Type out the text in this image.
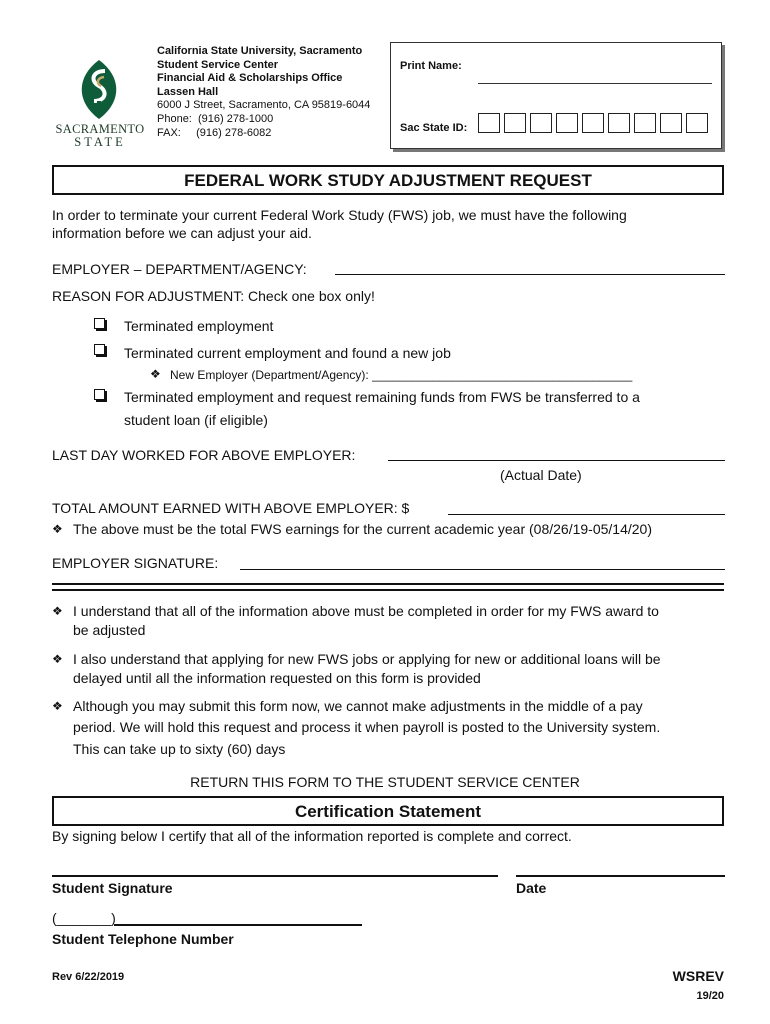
SACRAMENTO
STATE
California State University, Sacramento
Student Service Center
Financial Aid & Scholarships Office
Lassen Hall
6000 J Street, Sacramento, CA 95819-6044
Phone: (916) 278-1000
FAX: (916) 278-6082
Print Name:
Sac State ID:
FEDERAL WORK STUDY ADJUSTMENT REQUEST
In order to terminate your current Federal Work Study (FWS) job, we must have the following
information before we can adjust your aid.
EMPLOYER – DEPARTMENT/AGENCY:
REASON FOR ADJUSTMENT: Check one box only!
Terminated employment
Terminated current employment and found a new job
❖ New Employer (Department/Agency): _______________________________________
Terminated employment and request remaining funds from FWS be transferred to a
student loan (if eligible)
LAST DAY WORKED FOR ABOVE EMPLOYER:
(Actual Date)
TOTAL AMOUNT EARNED WITH ABOVE EMPLOYER: $
❖ The above must be the total FWS earnings for the current academic year (08/26/19-05/14/20)
EMPLOYER SIGNATURE:
❖ I understand that all of the information above must be completed in order for my FWS award to
be adjusted
❖ I also understand that applying for new FWS jobs or applying for new or additional loans will be
delayed until all the information requested on this form is provided
❖ Although you may submit this form now, we cannot make adjustments in the middle of a pay
period. We will hold this request and process it when payroll is posted to the University system.
This can take up to sixty (60) days
RETURN THIS FORM TO THE STUDENT SERVICE CENTER
Certification Statement
By signing below I certify that all of the information reported is complete and correct.
Student Signature	Date
(_______)
Student Telephone Number
Rev 6/22/2019	WSREV
19/20
